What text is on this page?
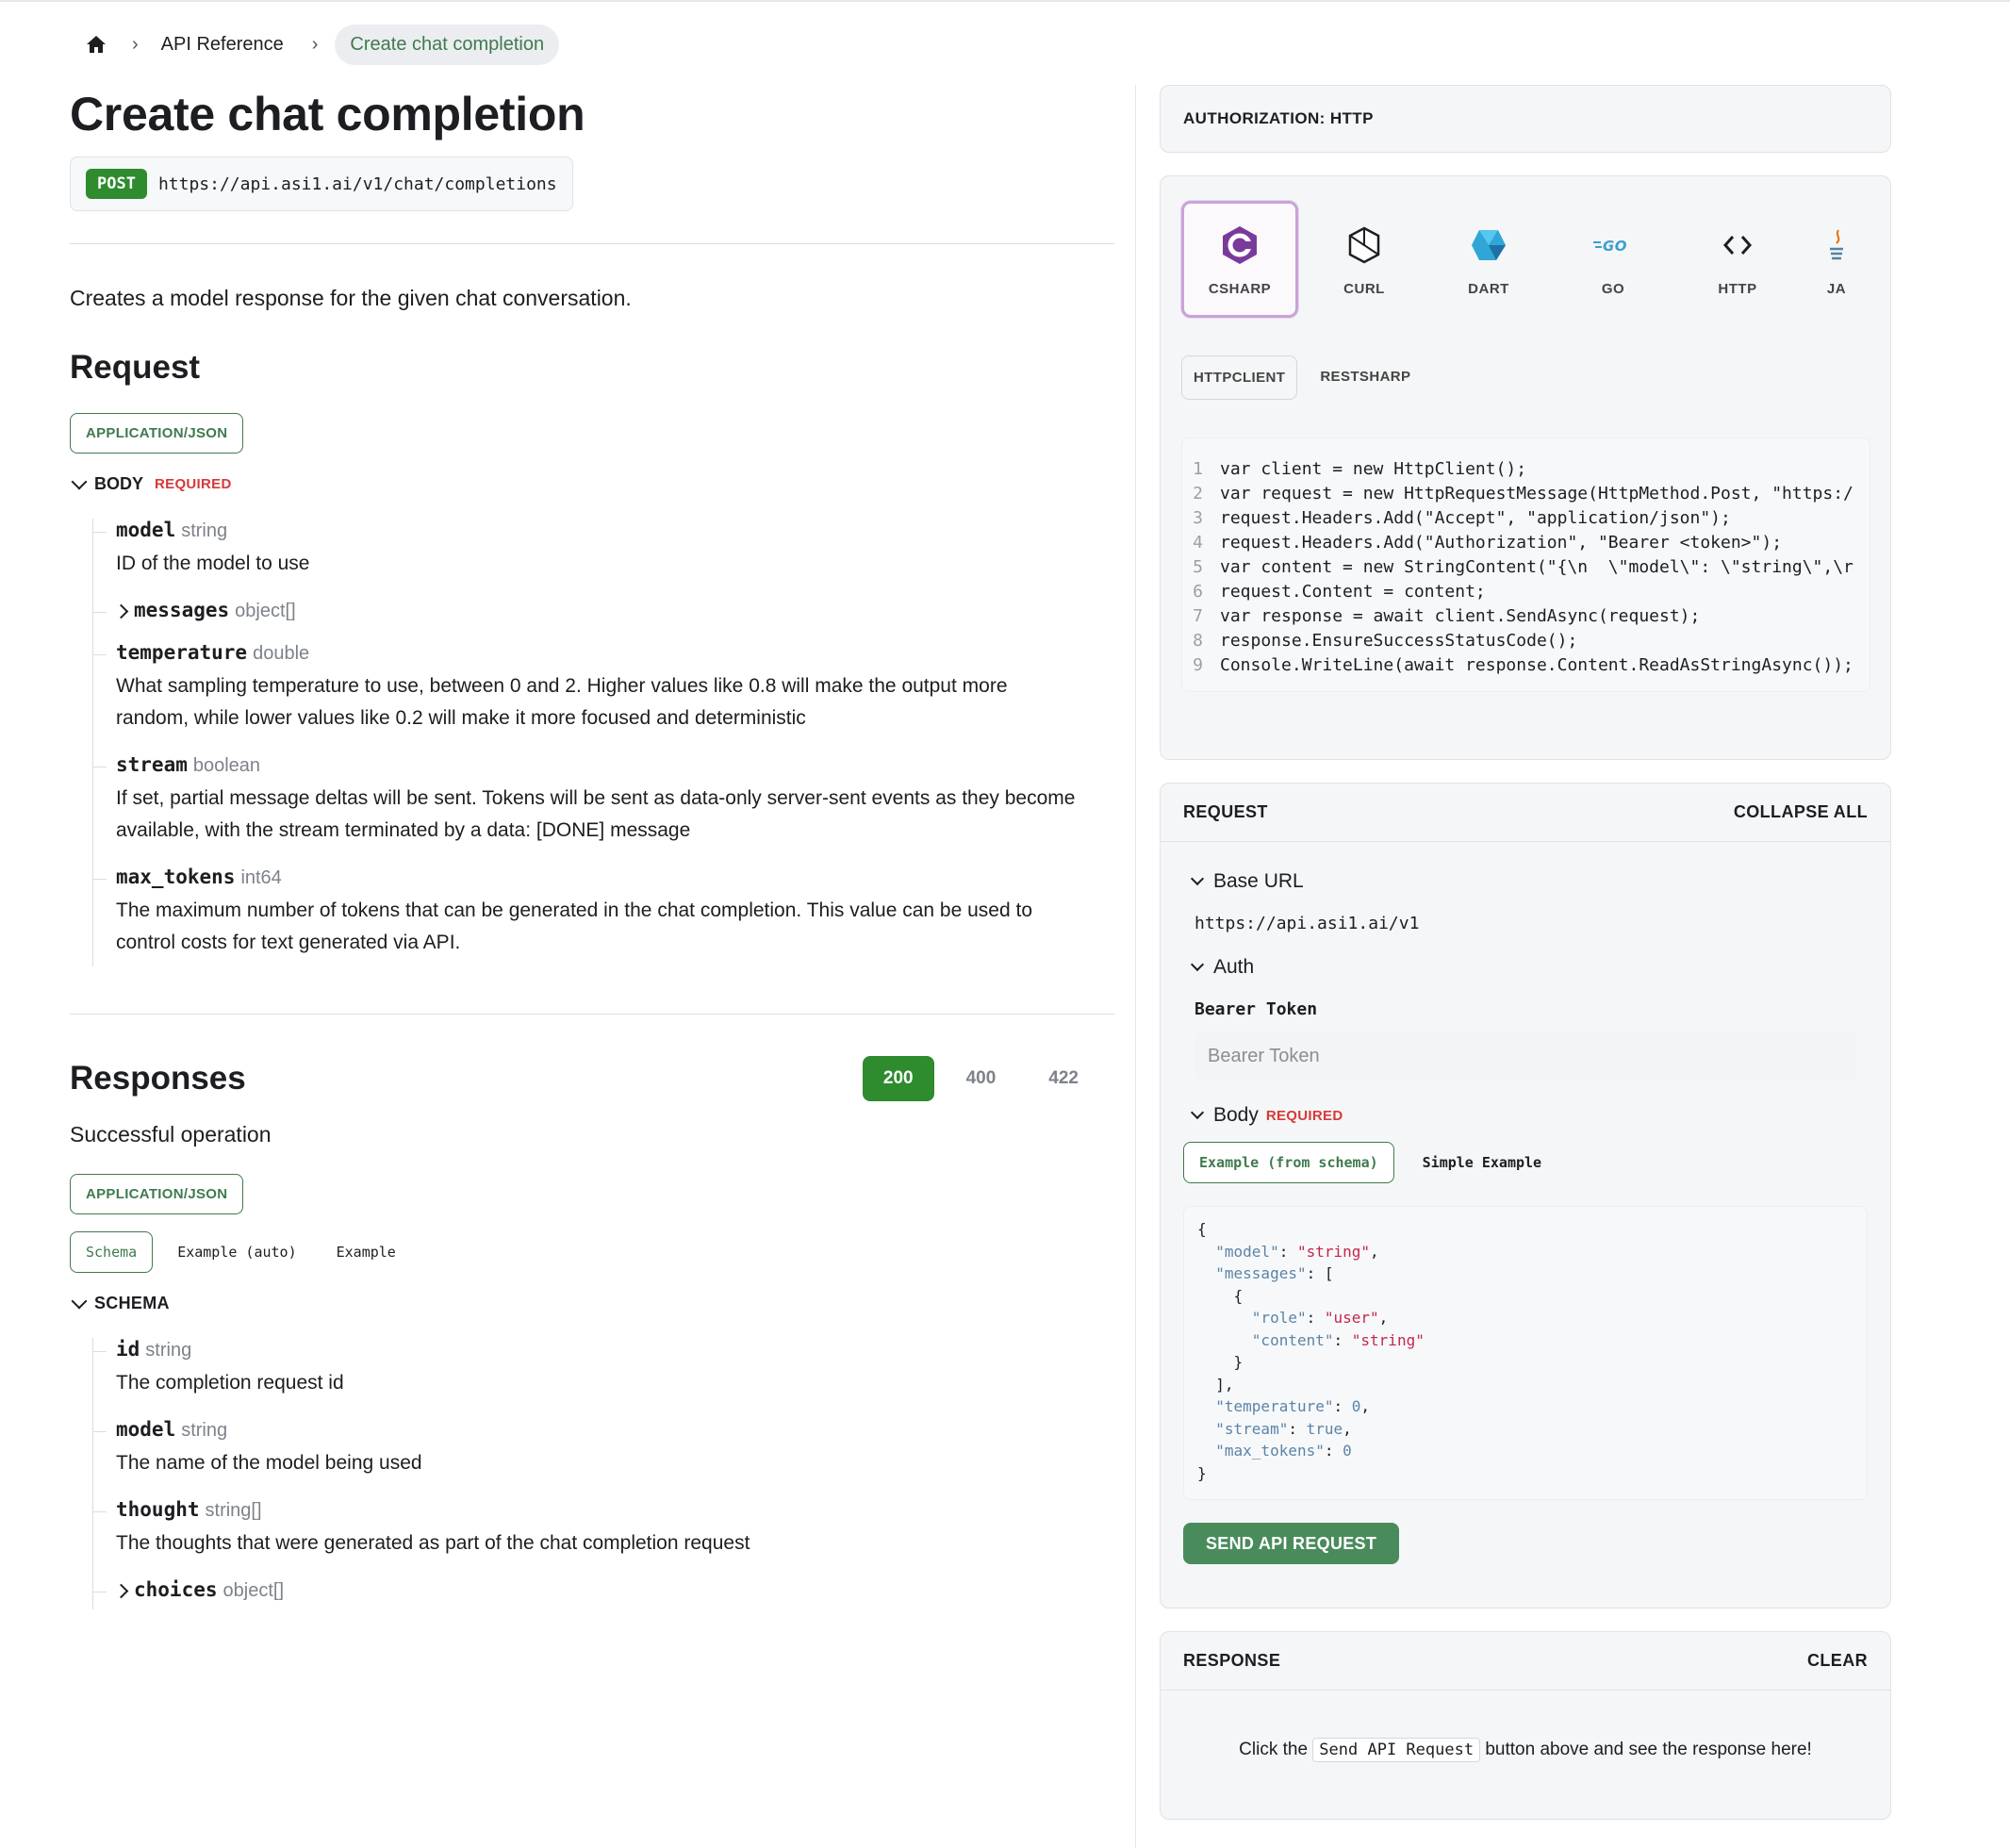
›	API Reference	›	Create chat completion
Create chat completion
POST	https://api.asi1.ai/v1/chat/completions
Creates a model response for the given chat conversation.
Request
APPLICATION/JSON
BODY REQUIRED
model string
ID of the model to use
messages object[]
temperature double
What sampling temperature to use, between 0 and 2. Higher values like 0.8 will make the output more random, while lower values like 0.2 will make it more focused and deterministic
stream boolean
If set, partial message deltas will be sent. Tokens will be sent as data-only server-sent events as they become available, with the stream terminated by a data: [DONE] message
max_tokens int64
The maximum number of tokens that can be generated in the chat completion. This value can be used to control costs for text generated via API.
Responses	200	400	422
Successful operation
APPLICATION/JSON
Schema	Example (auto)	Example
SCHEMA
id string
The completion request id
model string
The name of the model being used
thought string[]
The thoughts that were generated as part of the chat completion request
choices object[]
AUTHORIZATION: HTTP
CSHARP	CURL	DART
GO
GO	HTTP	JA
HTTPCLIENT	RESTSHARP
1	var client = new HttpClient();
2	var request = new HttpRequestMessage(HttpMethod.Post, "https:/
3	request.Headers.Add("Accept", "application/json");
4	request.Headers.Add("Authorization", "Bearer <token>");
5	var content = new StringContent("{\n  \"model\": \"string\",\r
6	request.Content = content;
7	var response = await client.SendAsync(request);
8	response.EnsureSuccessStatusCode();
9	Console.WriteLine(await response.Content.ReadAsStringAsync());
REQUEST	COLLAPSE ALL
Base URL
https://api.asi1.ai/v1
Auth
Bearer Token
Bearer Token
Body REQUIRED
Example (from schema)	Simple Example
{
"model": "string",
"messages": [
{
"role": "user",
"content": "string"
}
],
"temperature": 0,
"stream": true,
"max_tokens": 0
}
SEND API REQUEST
RESPONSE	CLEAR
Click the Send API Request button above and see the response here!
